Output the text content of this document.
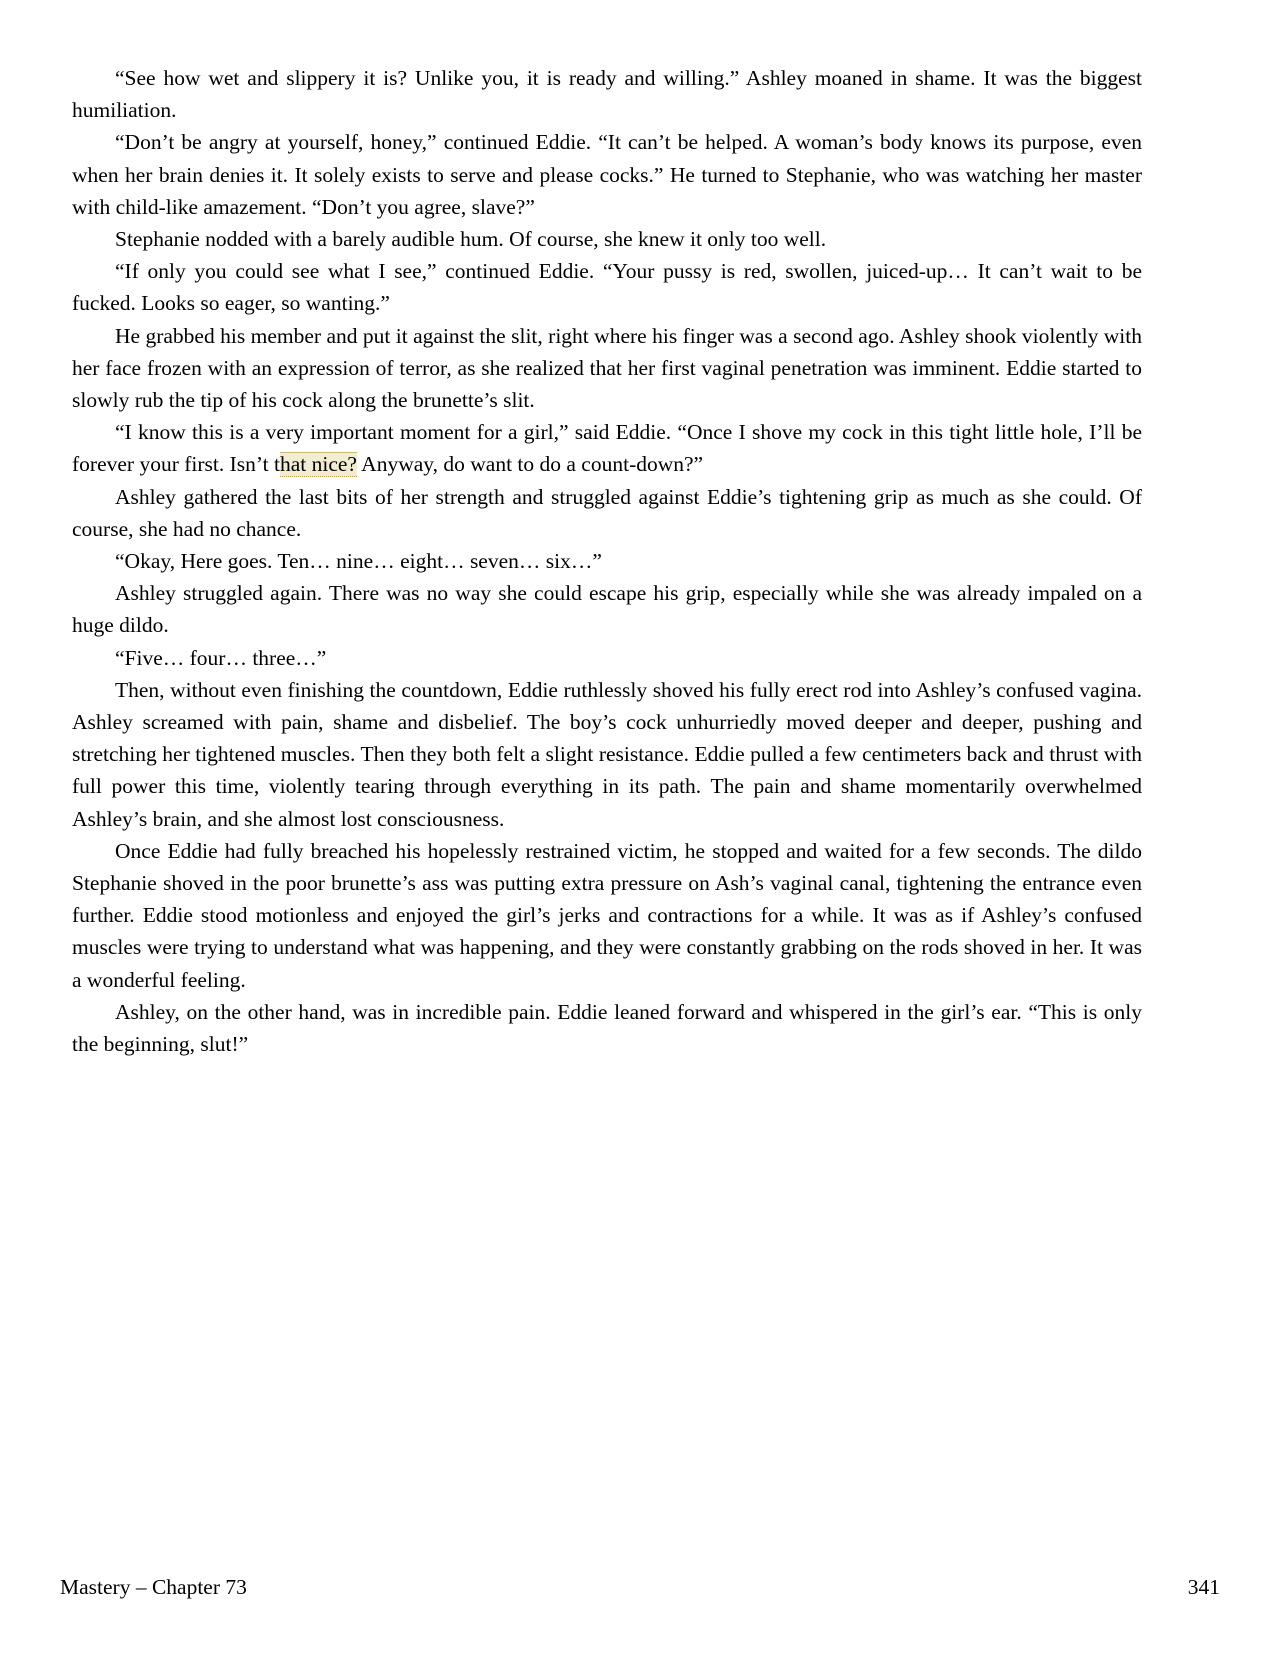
“See how wet and slippery it is? Unlike you, it is ready and willing.” Ashley moaned in shame. It was the biggest humiliation.

“Don’t be angry at yourself, honey,” continued Eddie. “It can’t be helped. A woman’s body knows its purpose, even when her brain denies it. It solely exists to serve and please cocks.” He turned to Stephanie, who was watching her master with child-like amazement. “Don’t you agree, slave?”

Stephanie nodded with a barely audible hum. Of course, she knew it only too well.

“If only you could see what I see,” continued Eddie. “Your pussy is red, swollen, juiced-up… It can’t wait to be fucked. Looks so eager, so wanting.”

He grabbed his member and put it against the slit, right where his finger was a second ago. Ashley shook violently with her face frozen with an expression of terror, as she realized that her first vaginal penetration was imminent. Eddie started to slowly rub the tip of his cock along the brunette’s slit.

“I know this is a very important moment for a girl,” said Eddie. “Once I shove my cock in this tight little hole, I’ll be forever your first. Isn’t that nice? Anyway, do want to do a count-down?”

Ashley gathered the last bits of her strength and struggled against Eddie’s tightening grip as much as she could. Of course, she had no chance.

“Okay, Here goes. Ten… nine… eight… seven… six…”

Ashley struggled again. There was no way she could escape his grip, especially while she was already impaled on a huge dildo.

“Five… four… three…”

Then, without even finishing the countdown, Eddie ruthlessly shoved his fully erect rod into Ashley’s confused vagina. Ashley screamed with pain, shame and disbelief. The boy’s cock unhurriedly moved deeper and deeper, pushing and stretching her tightened muscles. Then they both felt a slight resistance. Eddie pulled a few centimeters back and thrust with full power this time, violently tearing through everything in its path. The pain and shame momentarily overwhelmed Ashley’s brain, and she almost lost consciousness.

Once Eddie had fully breached his hopelessly restrained victim, he stopped and waited for a few seconds. The dildo Stephanie shoved in the poor brunette’s ass was putting extra pressure on Ash’s vaginal canal, tightening the entrance even further. Eddie stood motionless and enjoyed the girl’s jerks and contractions for a while. It was as if Ashley’s confused muscles were trying to understand what was happening, and they were constantly grabbing on the rods shoved in her. It was a wonderful feeling.

Ashley, on the other hand, was in incredible pain. Eddie leaned forward and whispered in the girl’s ear. “This is only the beginning, slut!”

Mastery – Chapter 73	341
